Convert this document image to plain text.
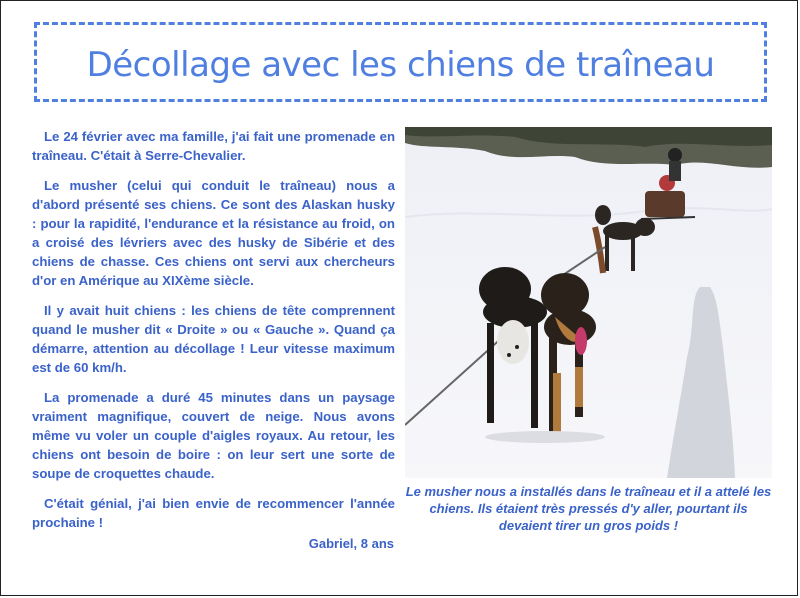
Décollage avec les chiens de traîneau

Le 24 février avec ma famille, j'ai fait une promenade en traîneau. C'était à Serre-Chevalier.

Le musher (celui qui conduit le traîneau) nous a d'abord présenté ses chiens. Ce sont des Alaskan husky : pour la rapidité, l'endurance et la résistance au froid, on a croisé des lévriers avec des husky de Sibérie et des chiens de chasse. Ces chiens ont servi aux chercheurs d'or en Amérique au XIXème siècle.

Il y avait huit chiens : les chiens de tête comprennent quand le musher dit « Droite » ou « Gauche ». Quand ça démarre, attention au décollage ! Leur vitesse maximum est de 60 km/h.

La promenade a duré 45 minutes dans un paysage vraiment magnifique, couvert de neige. Nous avons même vu voler un couple d'aigles royaux. Au retour, les chiens ont besoin de boire : on leur sert une sorte de soupe de croquettes chaude.

C'était génial, j'ai bien envie de recommencer l'année prochaine !

Gabriel, 8 ans
Le musher nous a installés dans le traîneau et il a attelé les chiens. Ils étaient très pressés d'y aller, pourtant ils devaient tirer un gros poids !
